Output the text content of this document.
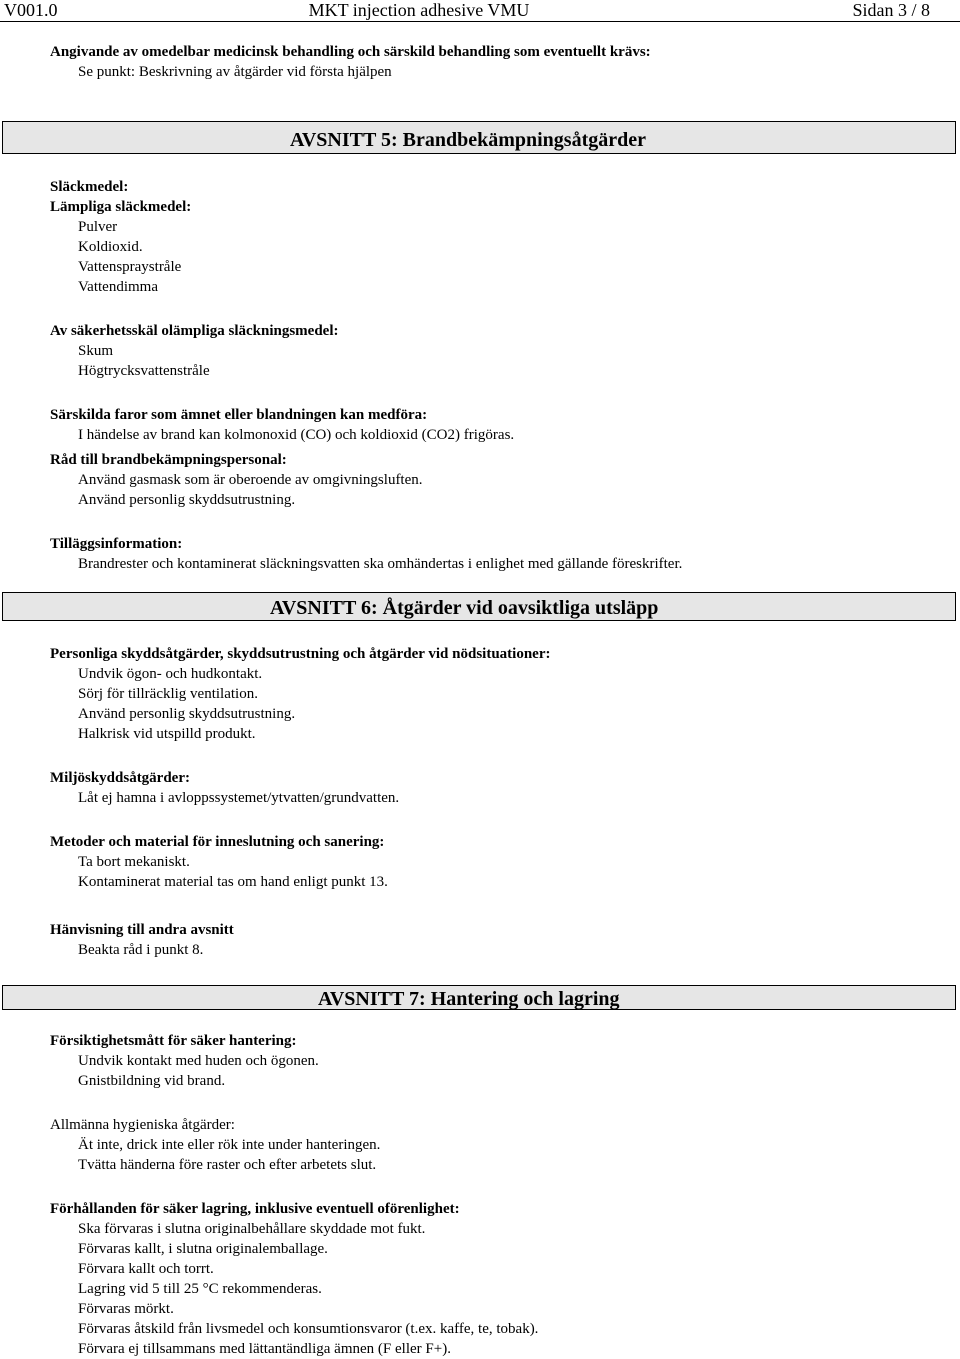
V001.0	MKT injection adhesive VMU	Sidan 3 / 8
Angivande av omedelbar medicinsk behandling och särskild behandling som eventuellt krävs:
Se punkt: Beskrivning av åtgärder vid första hjälpen
AVSNITT 5: Brandbekämpningsåtgärder
Släckmedel:
Lämpliga släckmedel:
Pulver
Koldioxid.
Vattenspraystråle
Vattendimma
Av säkerhetsskäl olämpliga släckningsmedel:
Skum
Högtrycksvattenstråle
Särskilda faror som ämnet eller blandningen kan medföra:
I händelse av brand kan kolmonoxid (CO) och koldioxid (CO2) frigöras.
Råd till brandbekämpningspersonal:
Använd gasmask som är oberoende av omgivningsluften.
Använd personlig skyddsutrustning.
Tilläggsinformation:
Brandrester och kontaminerat släckningsvatten ska omhändertas i enlighet med gällande föreskrifter.
AVSNITT 6: Åtgärder vid oavsiktliga utsläpp
Personliga skyddsåtgärder, skyddsutrustning och åtgärder vid nödsituationer:
Undvik ögon- och hudkontakt.
Sörj för tillräcklig ventilation.
Använd personlig skyddsutrustning.
Halkrisk vid utspilld produkt.
Miljöskyddsåtgärder:
Låt ej hamna i avloppssystemet/ytvatten/grundvatten.
Metoder och material för inneslutning och sanering:
Ta bort mekaniskt.
Kontaminerat material tas om hand enligt punkt 13.
Hänvisning till andra avsnitt
Beakta råd i punkt 8.
AVSNITT 7: Hantering och lagring
Försiktighetsmått för säker hantering:
Undvik kontakt med huden och ögonen.
Gnistbildning vid brand.
Allmänna hygieniska åtgärder:
Ät inte, drick inte eller rök inte under hanteringen.
Tvätta händerna före raster och efter arbetets slut.
Förhållanden för säker lagring, inklusive eventuell oförenlighet:
Ska förvaras i slutna originalbehållare skyddade mot fukt.
Förvaras kallt, i slutna originalemballage.
Förvara kallt och torrt.
Lagring vid 5 till 25 °C rekommenderas.
Förvaras mörkt.
Förvaras åtskild från livsmedel och konsumtionsvaror (t.ex. kaffe, te, tobak).
Förvara ej tillsammans med lättantändliga ämnen (F eller F+).
